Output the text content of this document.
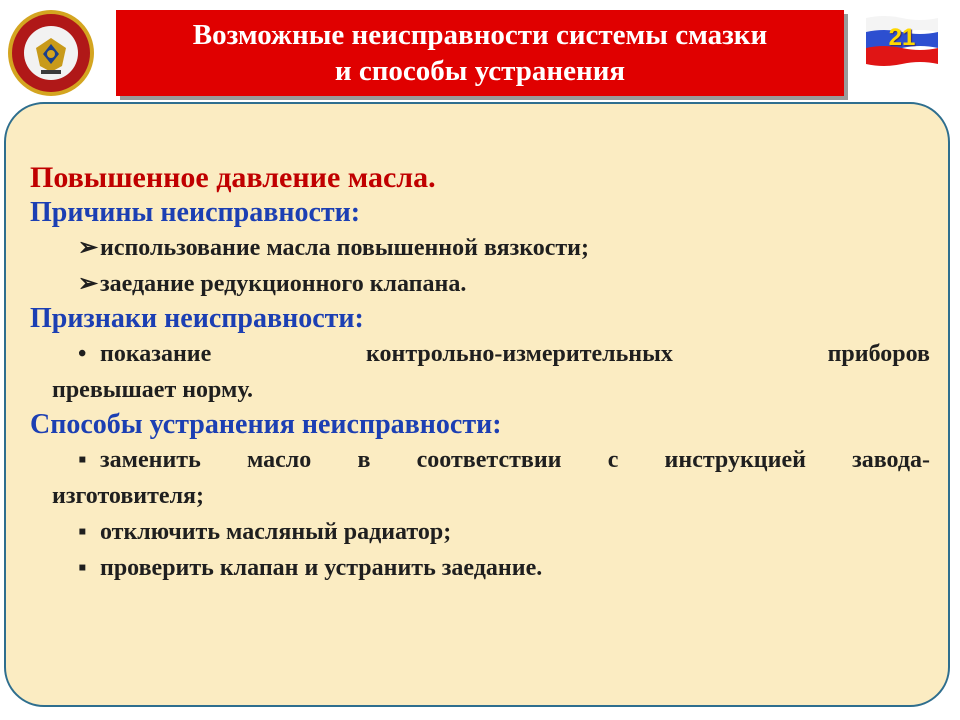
Возможные неисправности системы смазки
и способы устранения
21

Повышенное давление масла.

Причины неисправности:

➢использование масла повышенной вязкости;

➢заедание редукционного клапана.

Признаки неисправности:

• показание контрольно-измерительных приборов

превышает норму.

Способы устранения неисправности:

▪ заменить масло в соответствии с инструкцией завода-

изготовителя;

▪ отключить масляный радиатор;

▪ проверить клапан и устранить заедание.
